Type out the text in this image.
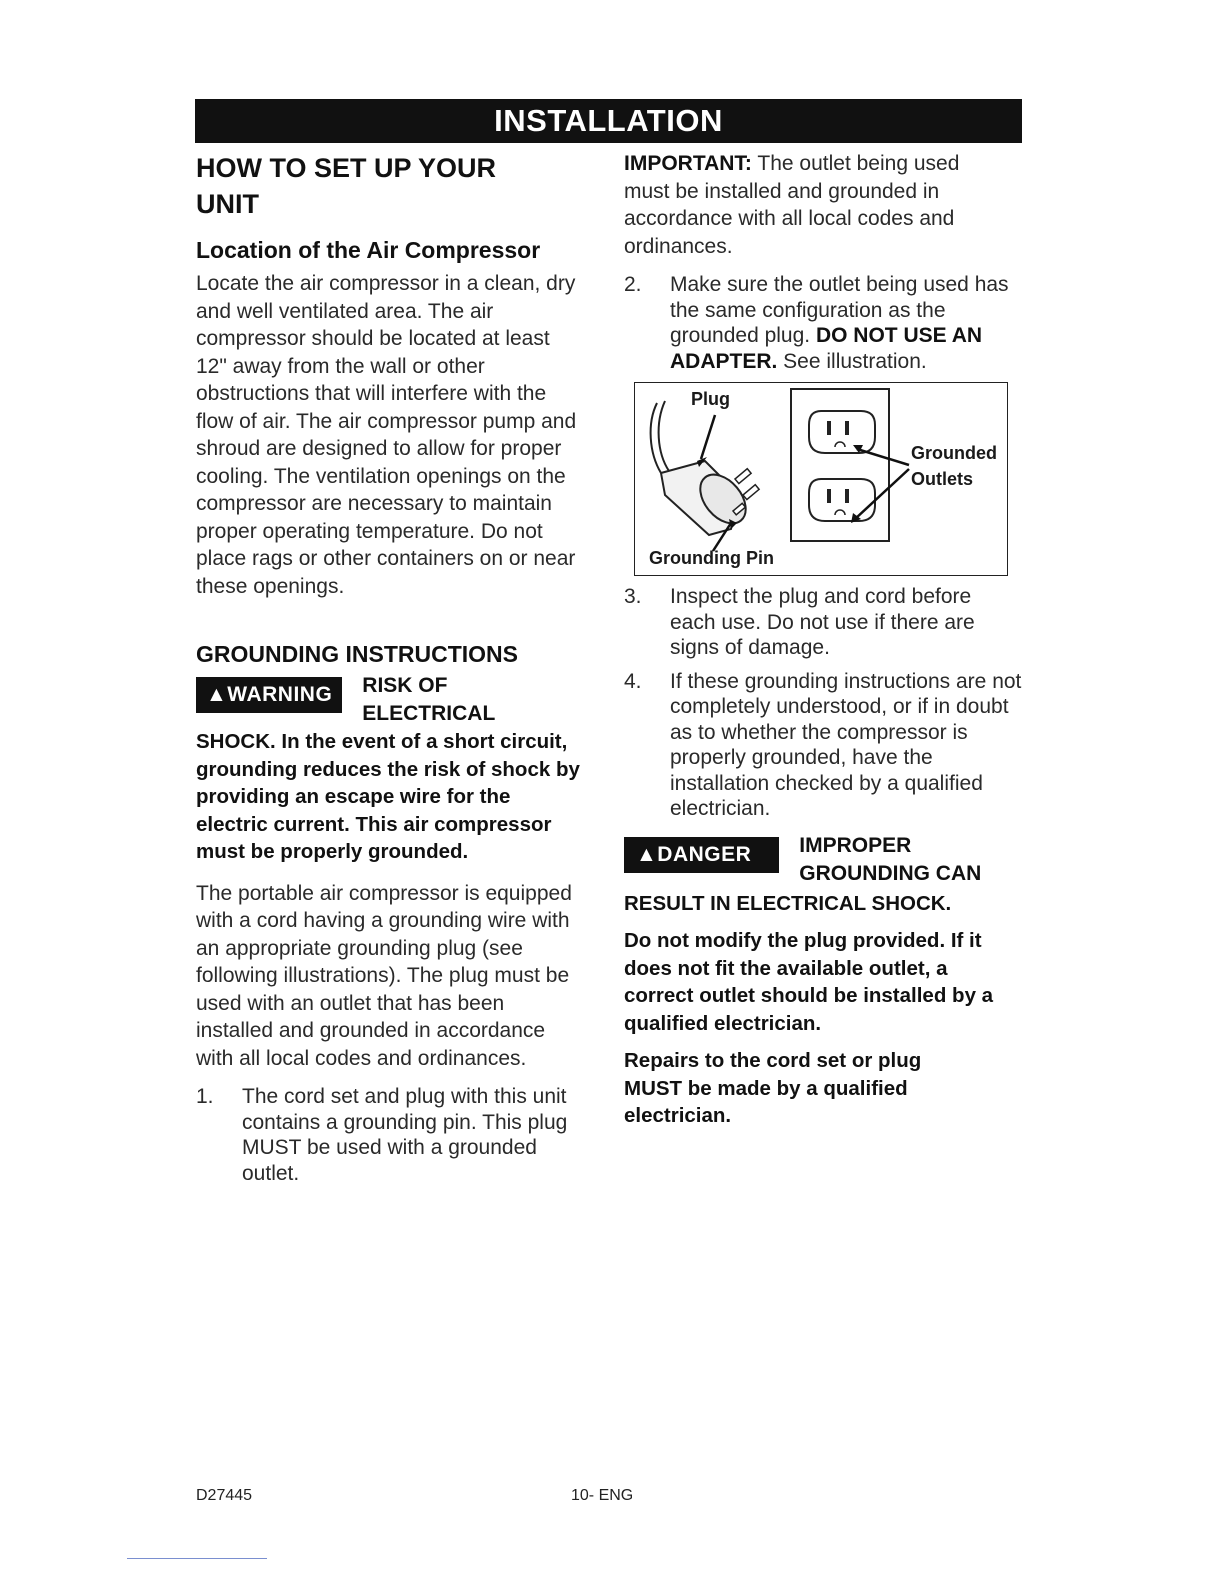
INSTALLATION
HOW TO SET UP YOUR UNIT
Location of the Air Compressor

Locate the air compressor in a clean, dry and well ventilated area. The air compressor should be located at least 12" away from the wall or other obstructions that will interfere with the flow of air. The air compressor pump and shroud are designed to allow for proper cooling. The ventilation openings on the compressor are necessary to maintain proper operating temperature. Do not place rags or other containers on or near these openings.

GROUNDING INSTRUCTIONS
▲WARNING	RISK OF ELECTRICAL

SHOCK. In the event of a short circuit, grounding reduces the risk of shock by providing an escape wire for the electric current. This air compressor must be properly grounded.

The portable air compressor is equipped with a cord having a grounding wire with an appropriate grounding plug (see following illustrations). The plug must be used with an outlet that has been installed and grounded in accordance with all local codes and ordinances.

1.	The cord set and plug with this unit contains a grounding pin. This plug MUST be used with a grounded outlet.

IMPORTANT: The outlet being used must be installed and grounded in accordance with all local codes and ordinances.

2.	Make sure the outlet being used has the same configuration as the grounded plug. DO NOT USE AN ADAPTER. See illustration.
Plug
Grounded
Outlets
Grounding Pin
3.	Inspect the plug and cord before each use. Do not use if there are signs of damage.
4.	If these grounding instructions are not completely understood, or if in doubt as to whether the compressor is properly grounded, have the installation checked by a qualified electrician.
▲DANGER	IMPROPER GROUNDING CAN

RESULT IN ELECTRICAL SHOCK.

Do not modify the plug provided. If it does not fit the available outlet, a correct outlet should be installed by a qualified electrician.

Repairs to the cord set or plug MUST be made by a qualified electrician.

D27445	10- ENG
